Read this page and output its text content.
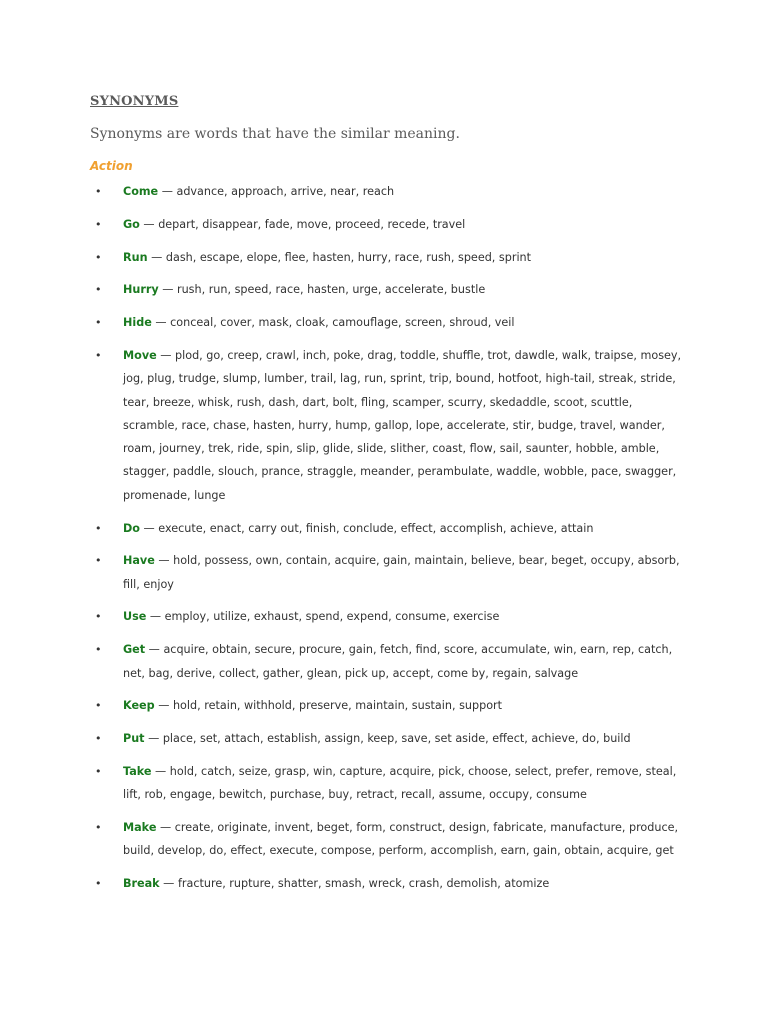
SYNONYMS

Synonyms are words that have the similar meaning.

Action
• Come — advance, approach, arrive, near, reach
• Go — depart, disappear, fade, move, proceed, recede, travel
• Run — dash, escape, elope, flee, hasten, hurry, race, rush, speed, sprint
• Hurry — rush, run, speed, race, hasten, urge, accelerate, bustle
• Hide — conceal, cover, mask, cloak, camouflage, screen, shroud, veil
• Move — plod, go, creep, crawl, inch, poke, drag, toddle, shuffle, trot, dawdle, walk, traipse, mosey, jog, plug, trudge, slump, lumber, trail, lag, run, sprint, trip, bound, hotfoot, high-tail, streak, stride, tear, breeze, whisk, rush, dash, dart, bolt, fling, scamper, scurry, skedaddle, scoot, scuttle, scramble, race, chase, hasten, hurry, hump, gallop, lope, accelerate, stir, budge, travel, wander, roam, journey, trek, ride, spin, slip, glide, slide, slither, coast, flow, sail, saunter, hobble, amble, stagger, paddle, slouch, prance, straggle, meander, perambulate, waddle, wobble, pace, swagger, promenade, lunge
• Do — execute, enact, carry out, finish, conclude, effect, accomplish, achieve, attain
• Have — hold, possess, own, contain, acquire, gain, maintain, believe, bear, beget, occupy, absorb, fill, enjoy
• Use — employ, utilize, exhaust, spend, expend, consume, exercise
• Get — acquire, obtain, secure, procure, gain, fetch, find, score, accumulate, win, earn, rep, catch, net, bag, derive, collect, gather, glean, pick up, accept, come by, regain, salvage
• Keep — hold, retain, withhold, preserve, maintain, sustain, support
• Put — place, set, attach, establish, assign, keep, save, set aside, effect, achieve, do, build
• Take — hold, catch, seize, grasp, win, capture, acquire, pick, choose, select, prefer, remove, steal, lift, rob, engage, bewitch, purchase, buy, retract, recall, assume, occupy, consume
• Make — create, originate, invent, beget, form, construct, design, fabricate, manufacture, produce, build, develop, do, effect, execute, compose, perform, accomplish, earn, gain, obtain, acquire, get
• Break — fracture, rupture, shatter, smash, wreck, crash, demolish, atomize
